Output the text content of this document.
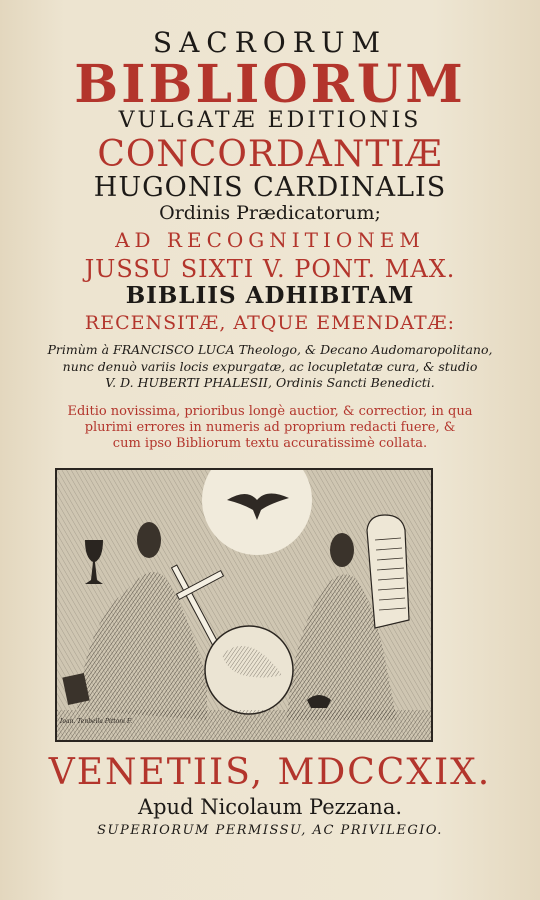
SACRORUM
BIBLIORUM
VULGATÆ EDITIONIS
CONCORDANTIÆ
HUGONIS CARDINALIS
Ordinis Prædicatorum;
AD RECOGNITIONEM
JUSSU SIXTI V. PONT. MAX.
BIBLIIS ADHIBITAM
RECENSITÆ, ATQUE EMENDATÆ:
Primùm à FRANCISCO LUCA Theologo, & Decano Audomaropolitano,
nunc denuò variis locis expurgatæ, ac locupletatæ cura, & studio
V. D. HUBERTI PHALESII, Ordinis Sancti Benedicti.
Editio novissima, prioribus longè auctior, & correctior, in qua
plurimi errores in numeris ad proprium redacti fuere, &
cum ipso Bibliorum textu accuratissimè collata.
Ioan. Tenbella Pittoni F.
VENETIIS, MDCCXIX.
Apud Nicolaum Pezzana.
SUPERIORUM PERMISSU, AC PRIVILEGIO.
